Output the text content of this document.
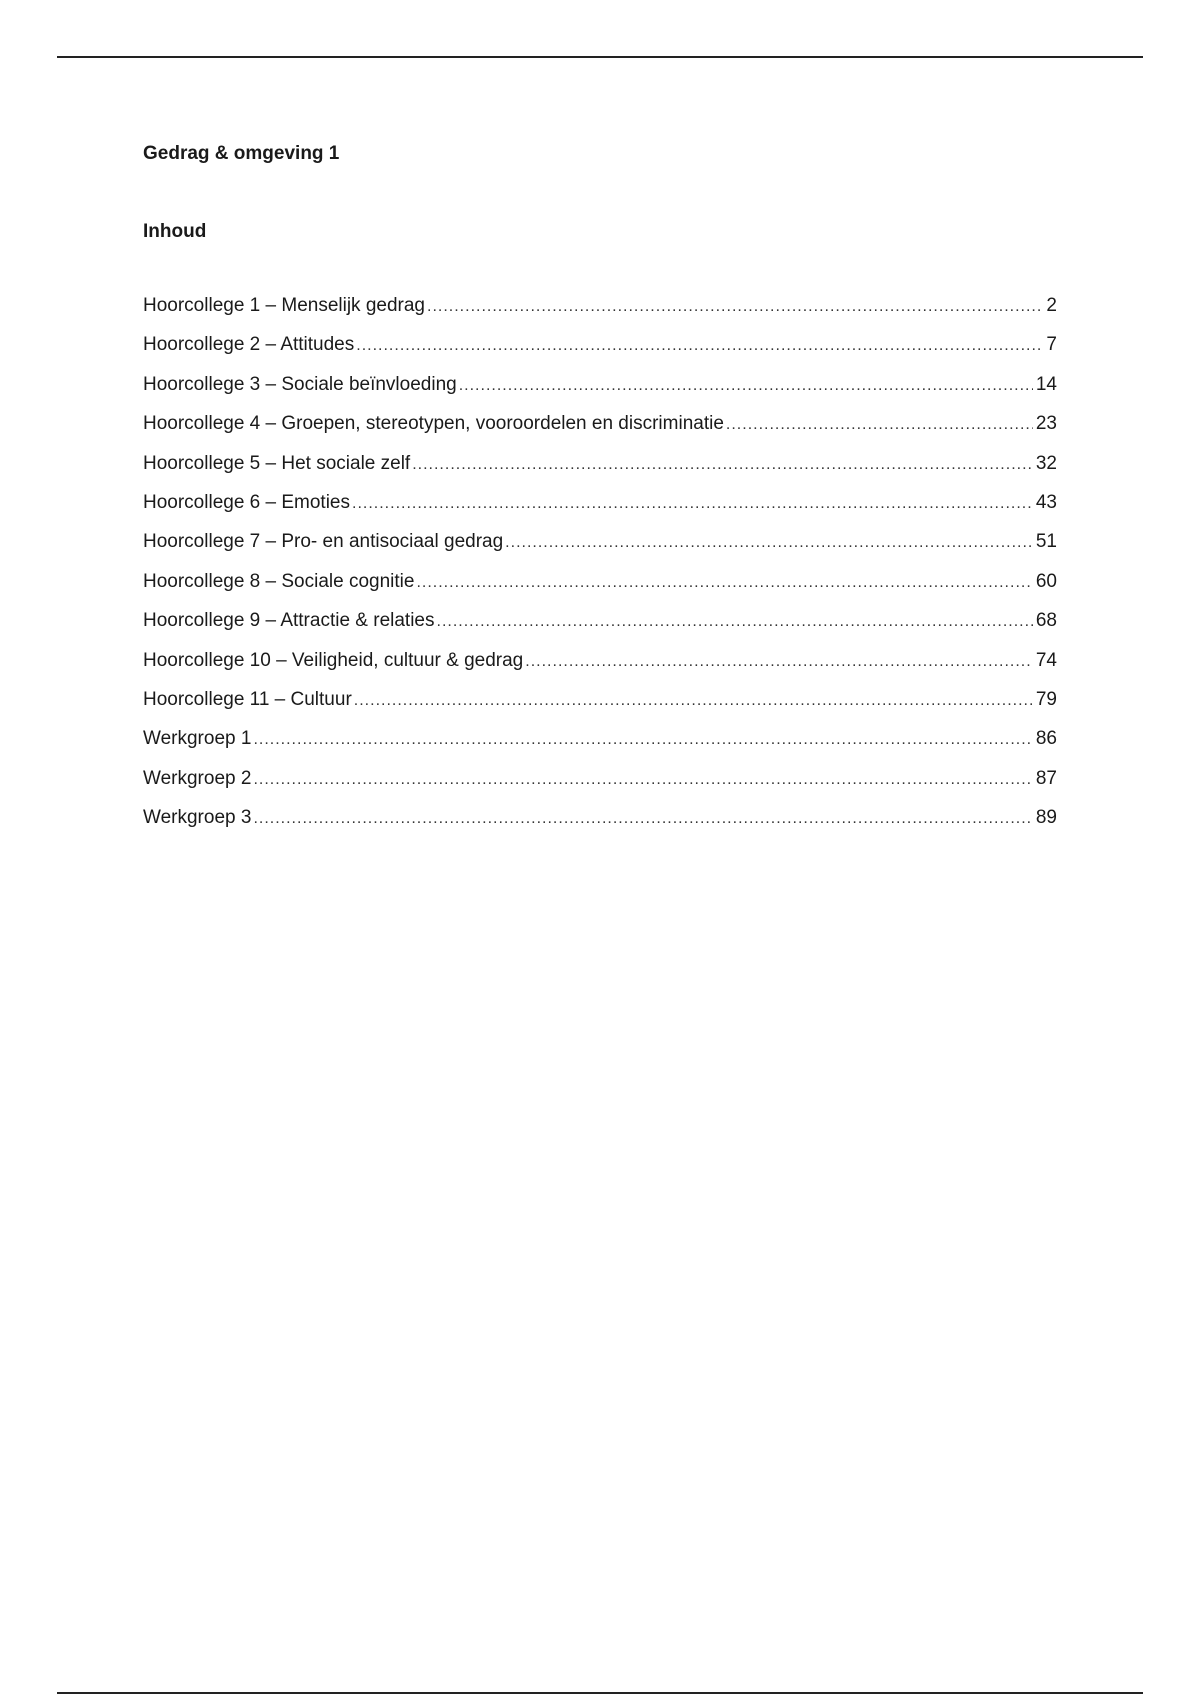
Gedrag & omgeving 1
Inhoud
Hoorcollege 1 – Menselijk gedrag .....	2
Hoorcollege 2 – Attitudes .....	7
Hoorcollege 3 – Sociale beïnvloeding .....	14
Hoorcollege 4 – Groepen, stereotypen, vooroordelen en discriminatie .....	23
Hoorcollege 5 – Het sociale zelf .....	32
Hoorcollege 6 – Emoties .....	43
Hoorcollege 7 – Pro- en antisociaal gedrag .....	51
Hoorcollege 8 – Sociale cognitie .....	60
Hoorcollege 9 – Attractie & relaties .....	68
Hoorcollege 10 – Veiligheid, cultuur & gedrag .....	74
Hoorcollege 11 – Cultuur .....	79
Werkgroep 1 .....	86
Werkgroep 2 .....	87
Werkgroep 3 .....	89
